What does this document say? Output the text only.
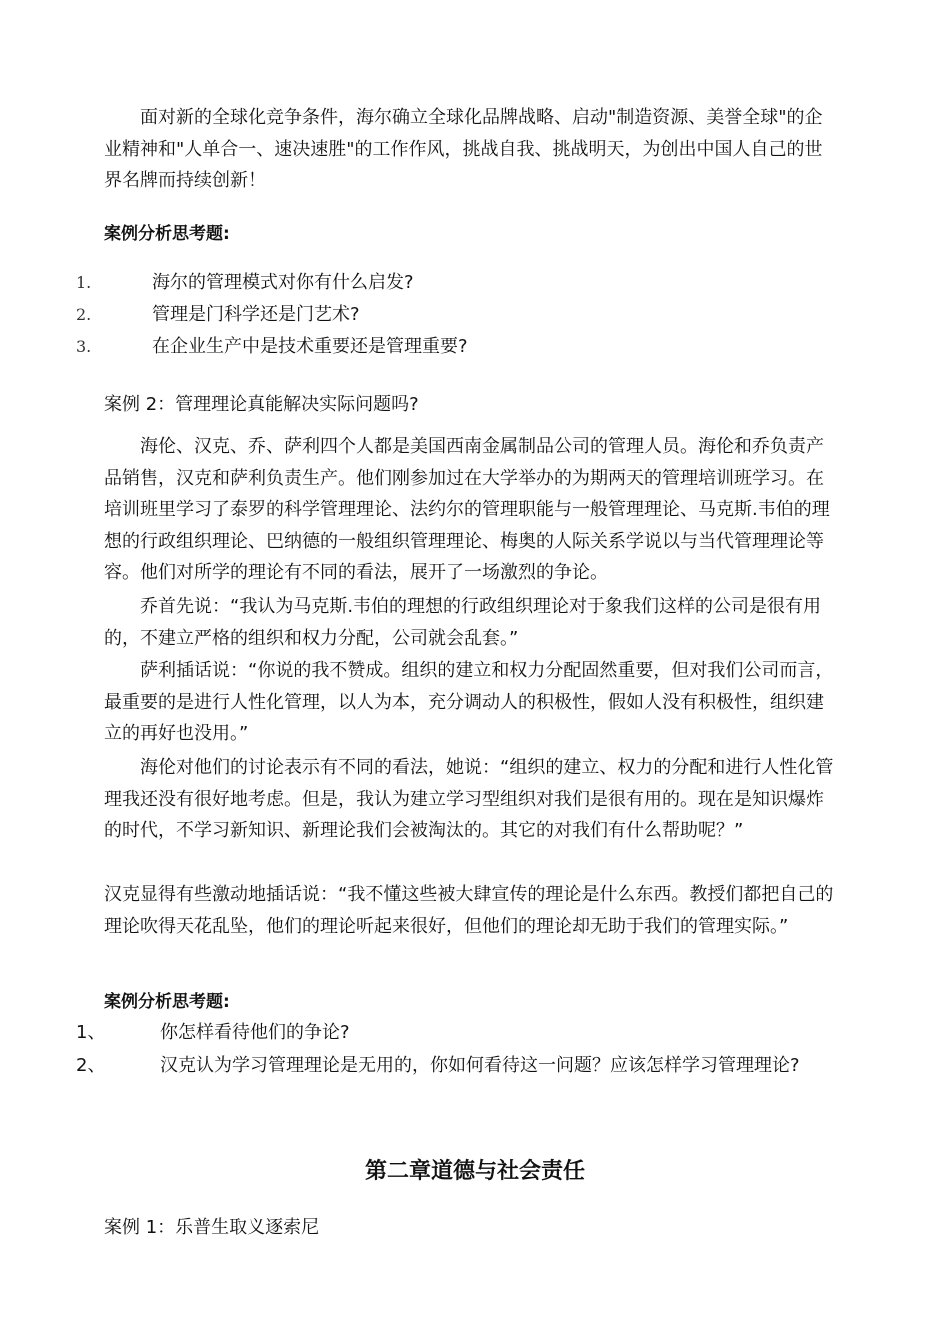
　　面对新的全球化竞争条件，海尔确立全球化品牌战略、启动"制造资源、美誉全球"的企业精神和"人单合一、速决速胜"的工作作风，挑战自我、挑战明天，为创出中国人自己的世界名牌而持续创新！

案例分析思考题:

1.	海尔的管理模式对你有什么启发?
2.	管理是门科学还是门艺术?
3.	在企业生产中是技术重要还是管理重要?

案例 2：管理理论真能解决实际问题吗?

　　海伦、汉克、乔、萨利四个人都是美国西南金属制品公司的管理人员。海伦和乔负责产品销售，汉克和萨利负责生产。他们刚参加过在大学举办的为期两天的管理培训班学习。在培训班里学习了泰罗的科学管理理论、法约尔的管理职能与一般管理理论、马克斯.韦伯的理想的行政组织理论、巴纳德的一般组织管理理论、梅奥的人际关系学说以与当代管理理论等容。他们对所学的理论有不同的看法，展开了一场激烈的争论。

　　乔首先说：“我认为马克斯.韦伯的理想的行政组织理论对于象我们这样的公司是很有用的，不建立严格的组织和权力分配，公司就会乱套。”

　　萨利插话说：“你说的我不赞成。组织的建立和权力分配固然重要，但对我们公司而言，最重要的是进行人性化管理，以人为本，充分调动人的积极性，假如人没有积极性，组织建立的再好也没用。”

　　海伦对他们的讨论表示有不同的看法，她说：“组织的建立、权力的分配和进行人性化管理我还没有很好地考虑。但是，我认为建立学习型组织对我们是很有用的。现在是知识爆炸的时代，不学习新知识、新理论我们会被淘汰的。其它的对我们有什么帮助呢？”

汉克显得有些激动地插话说：“我不懂这些被大肆宣传的理论是什么东西。教授们都把自己的理论吹得天花乱坠，他们的理论听起来很好，但他们的理论却无助于我们的管理实际。”

案例分析思考题:

1、	你怎样看待他们的争论?
2、	汉克认为学习管理理论是无用的，你如何看待这一问题？应该怎样学习管理理论?
第二章道德与社会责任

案例 1：乐普生取义逐索尼
